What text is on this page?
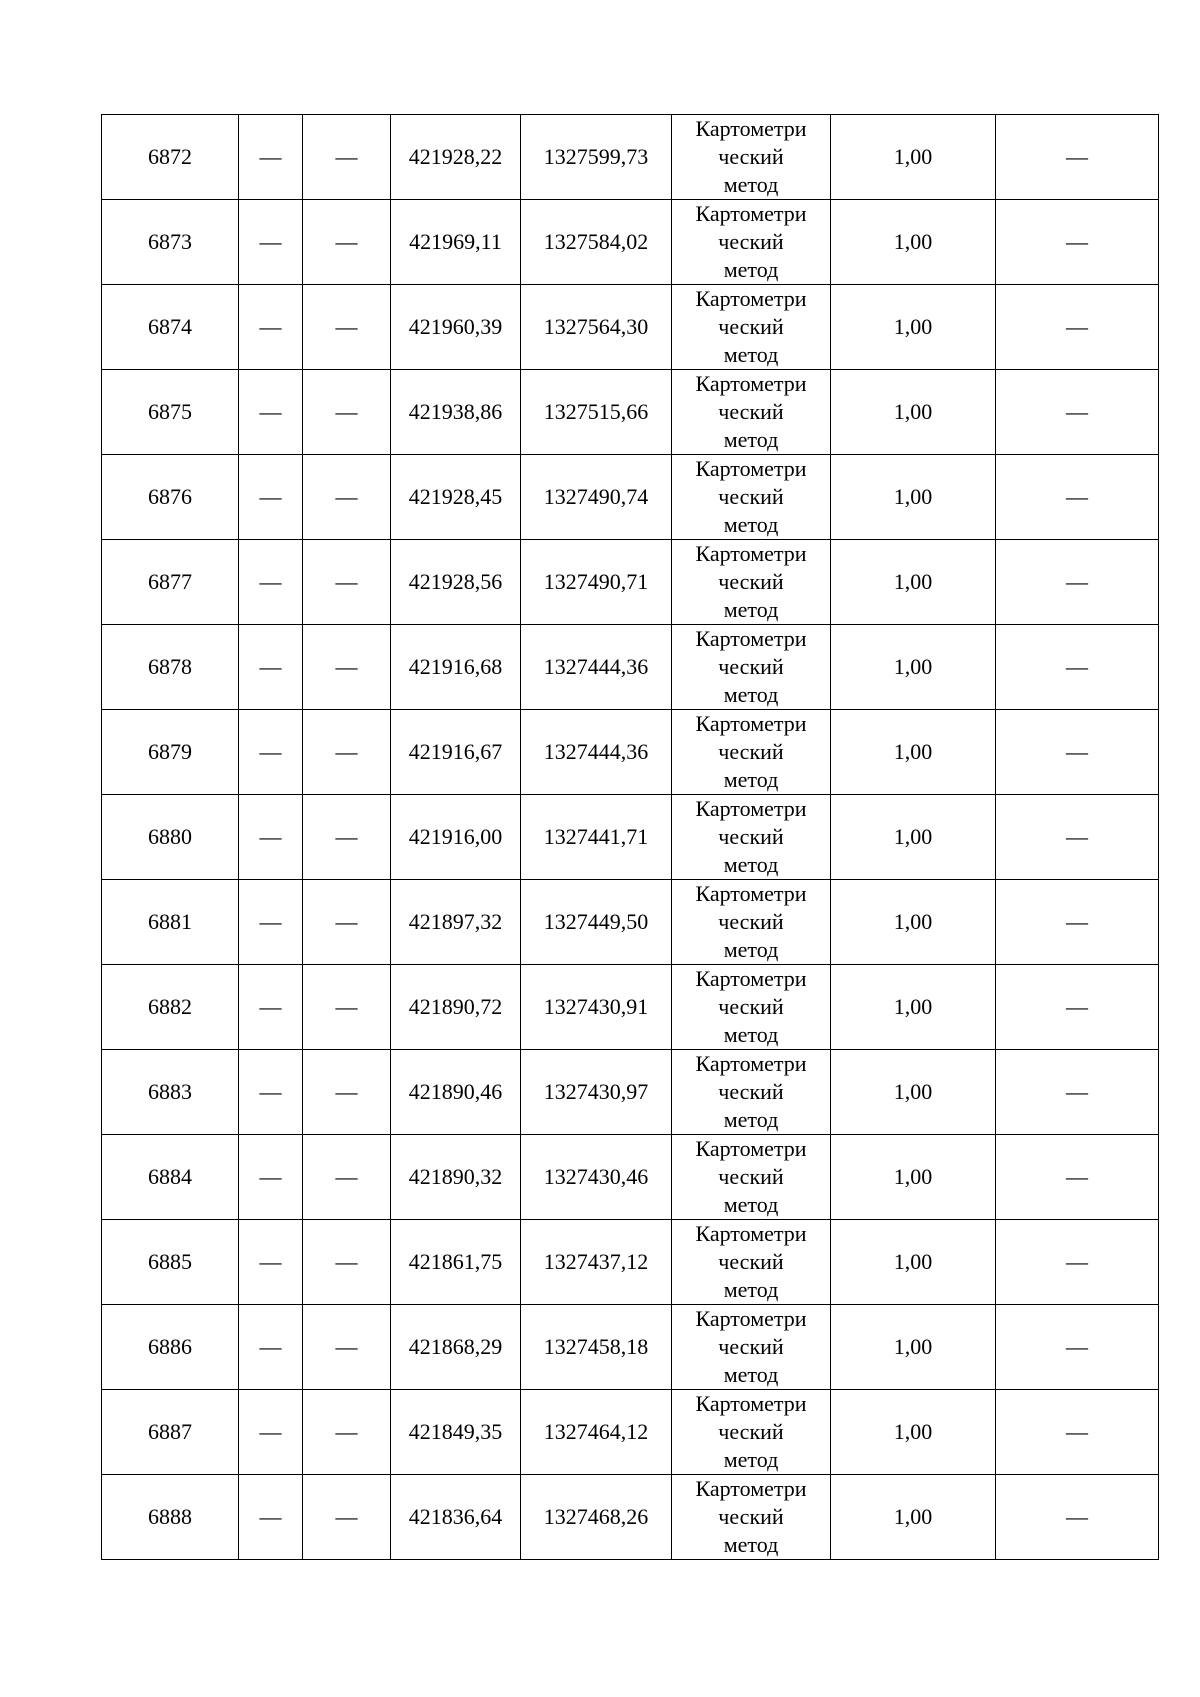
6872	—	—	421928,22	1327599,73	Картометри
ческий
метод	1,00	—
6873	—	—	421969,11	1327584,02	Картометри
ческий
метод	1,00	—
6874	—	—	421960,39	1327564,30	Картометри
ческий
метод	1,00	—
6875	—	—	421938,86	1327515,66	Картометри
ческий
метод	1,00	—
6876	—	—	421928,45	1327490,74	Картометри
ческий
метод	1,00	—
6877	—	—	421928,56	1327490,71	Картометри
ческий
метод	1,00	—
6878	—	—	421916,68	1327444,36	Картометри
ческий
метод	1,00	—
6879	—	—	421916,67	1327444,36	Картометри
ческий
метод	1,00	—
6880	—	—	421916,00	1327441,71	Картометри
ческий
метод	1,00	—
6881	—	—	421897,32	1327449,50	Картометри
ческий
метод	1,00	—
6882	—	—	421890,72	1327430,91	Картометри
ческий
метод	1,00	—
6883	—	—	421890,46	1327430,97	Картометри
ческий
метод	1,00	—
6884	—	—	421890,32	1327430,46	Картометри
ческий
метод	1,00	—
6885	—	—	421861,75	1327437,12	Картометри
ческий
метод	1,00	—
6886	—	—	421868,29	1327458,18	Картометри
ческий
метод	1,00	—
6887	—	—	421849,35	1327464,12	Картометри
ческий
метод	1,00	—
6888	—	—	421836,64	1327468,26	Картометри
ческий
метод	1,00	—
